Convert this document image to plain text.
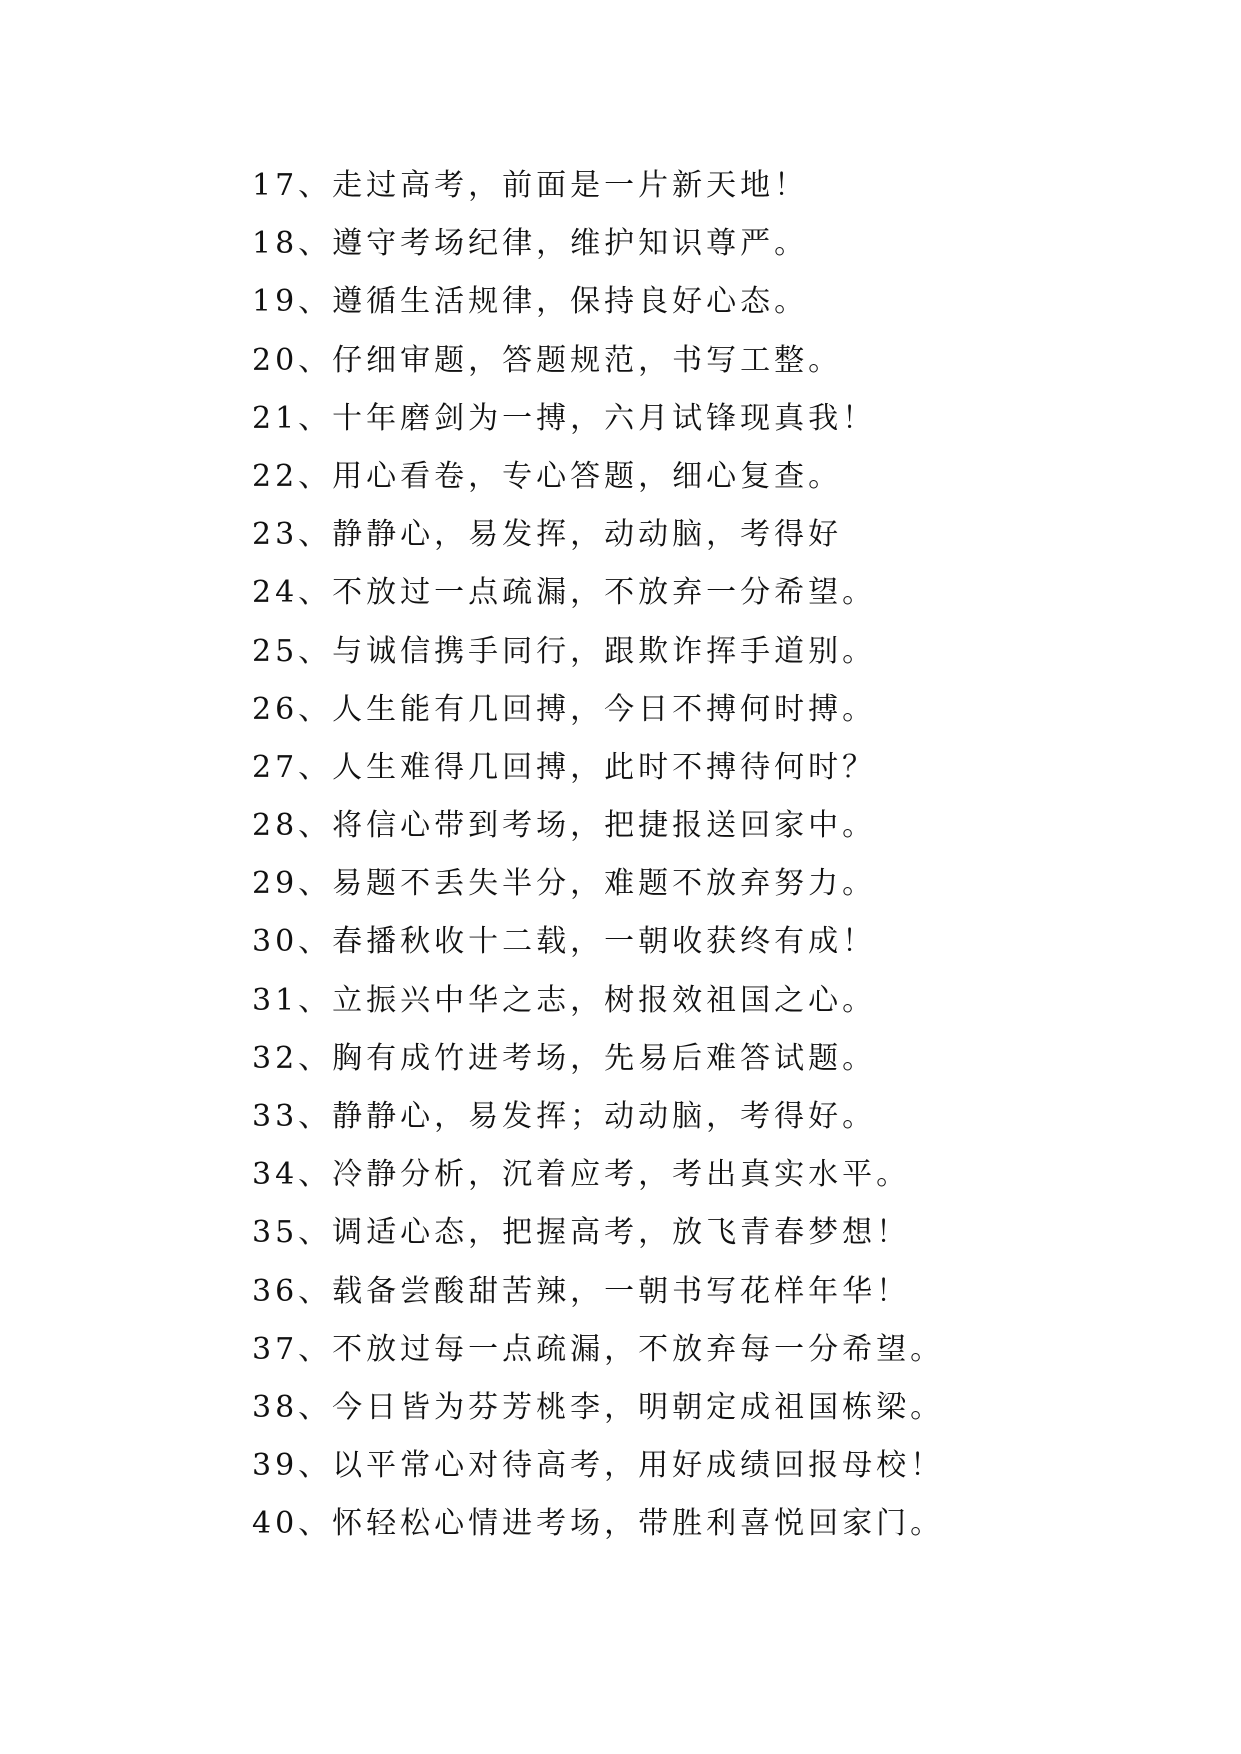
17、走过高考，前面是一片新天地！
18、遵守考场纪律，维护知识尊严。
19、遵循生活规律，保持良好心态。
20、仔细审题，答题规范，书写工整。
21、十年磨剑为一搏，六月试锋现真我！
22、用心看卷，专心答题，细心复查。
23、静静心，易发挥，动动脑，考得好
24、不放过一点疏漏，不放弃一分希望。
25、与诚信携手同行，跟欺诈挥手道别。
26、人生能有几回搏，今日不搏何时搏。
27、人生难得几回搏，此时不搏待何时？
28、将信心带到考场，把捷报送回家中。
29、易题不丢失半分，难题不放弃努力。
30、春播秋收十二载，一朝收获终有成！
31、立振兴中华之志，树报效祖国之心。
32、胸有成竹进考场，先易后难答试题。
33、静静心，易发挥；动动脑，考得好。
34、冷静分析，沉着应考，考出真实水平。
35、调适心态，把握高考，放飞青春梦想！
36、载备尝酸甜苦辣，一朝书写花样年华！
37、不放过每一点疏漏，不放弃每一分希望。
38、今日皆为芬芳桃李，明朝定成祖国栋梁。
39、以平常心对待高考，用好成绩回报母校！
40、怀轻松心情进考场，带胜利喜悦回家门。
